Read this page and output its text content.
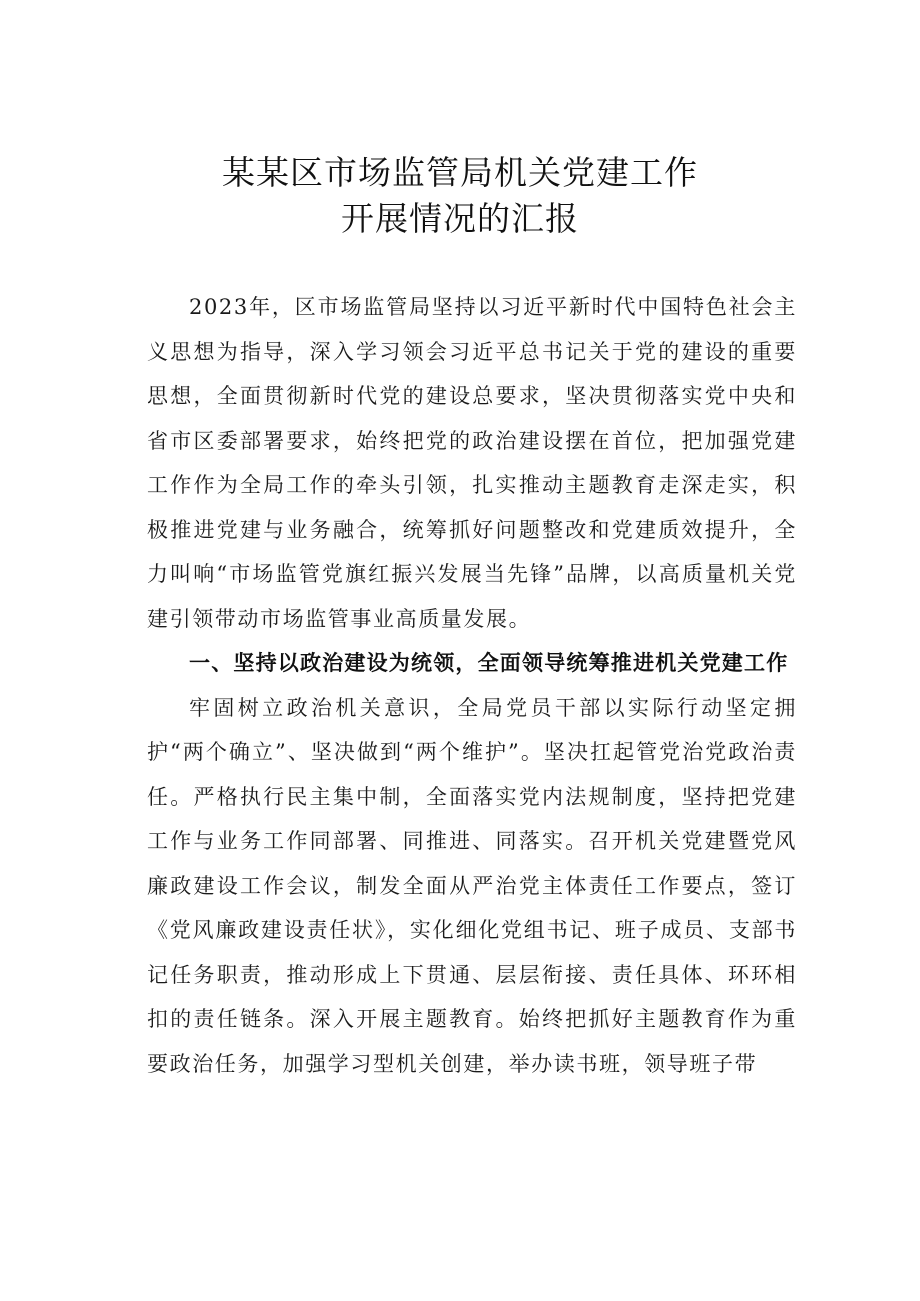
某某区市场监管局机关党建工作
开展情况的汇报

2023年，区市场监管局坚持以习近平新时代中国特色社会主义思想为指导，深入学习领会习近平总书记关于党的建设的重要思想，全面贯彻新时代党的建设总要求，坚决贯彻落实党中央和省市区委部署要求，始终把党的政治建设摆在首位，把加强党建工作作为全局工作的牵头引领，扎实推动主题教育走深走实，积极推进党建与业务融合，统筹抓好问题整改和党建质效提升，全力叫响“市场监管党旗红振兴发展当先锋”品牌，以高质量机关党建引领带动市场监管事业高质量发展。

一、坚持以政治建设为统领，全面领导统筹推进机关党建工作

牢固树立政治机关意识，全局党员干部以实际行动坚定拥护“两个确立”、坚决做到“两个维护”。坚决扛起管党治党政治责任。严格执行民主集中制，全面落实党内法规制度，坚持把党建工作与业务工作同部署、同推进、同落实。召开机关党建暨党风廉政建设工作会议，制发全面从严治党主体责任工作要点，签订《党风廉政建设责任状》，实化细化党组书记、班子成员、支部书记任务职责，推动形成上下贯通、层层衔接、责任具体、环环相扣的责任链条。深入开展主题教育。始终把抓好主题教育作为重要政治任务，加强学习型机关创建，举办读书班，领导班子带
